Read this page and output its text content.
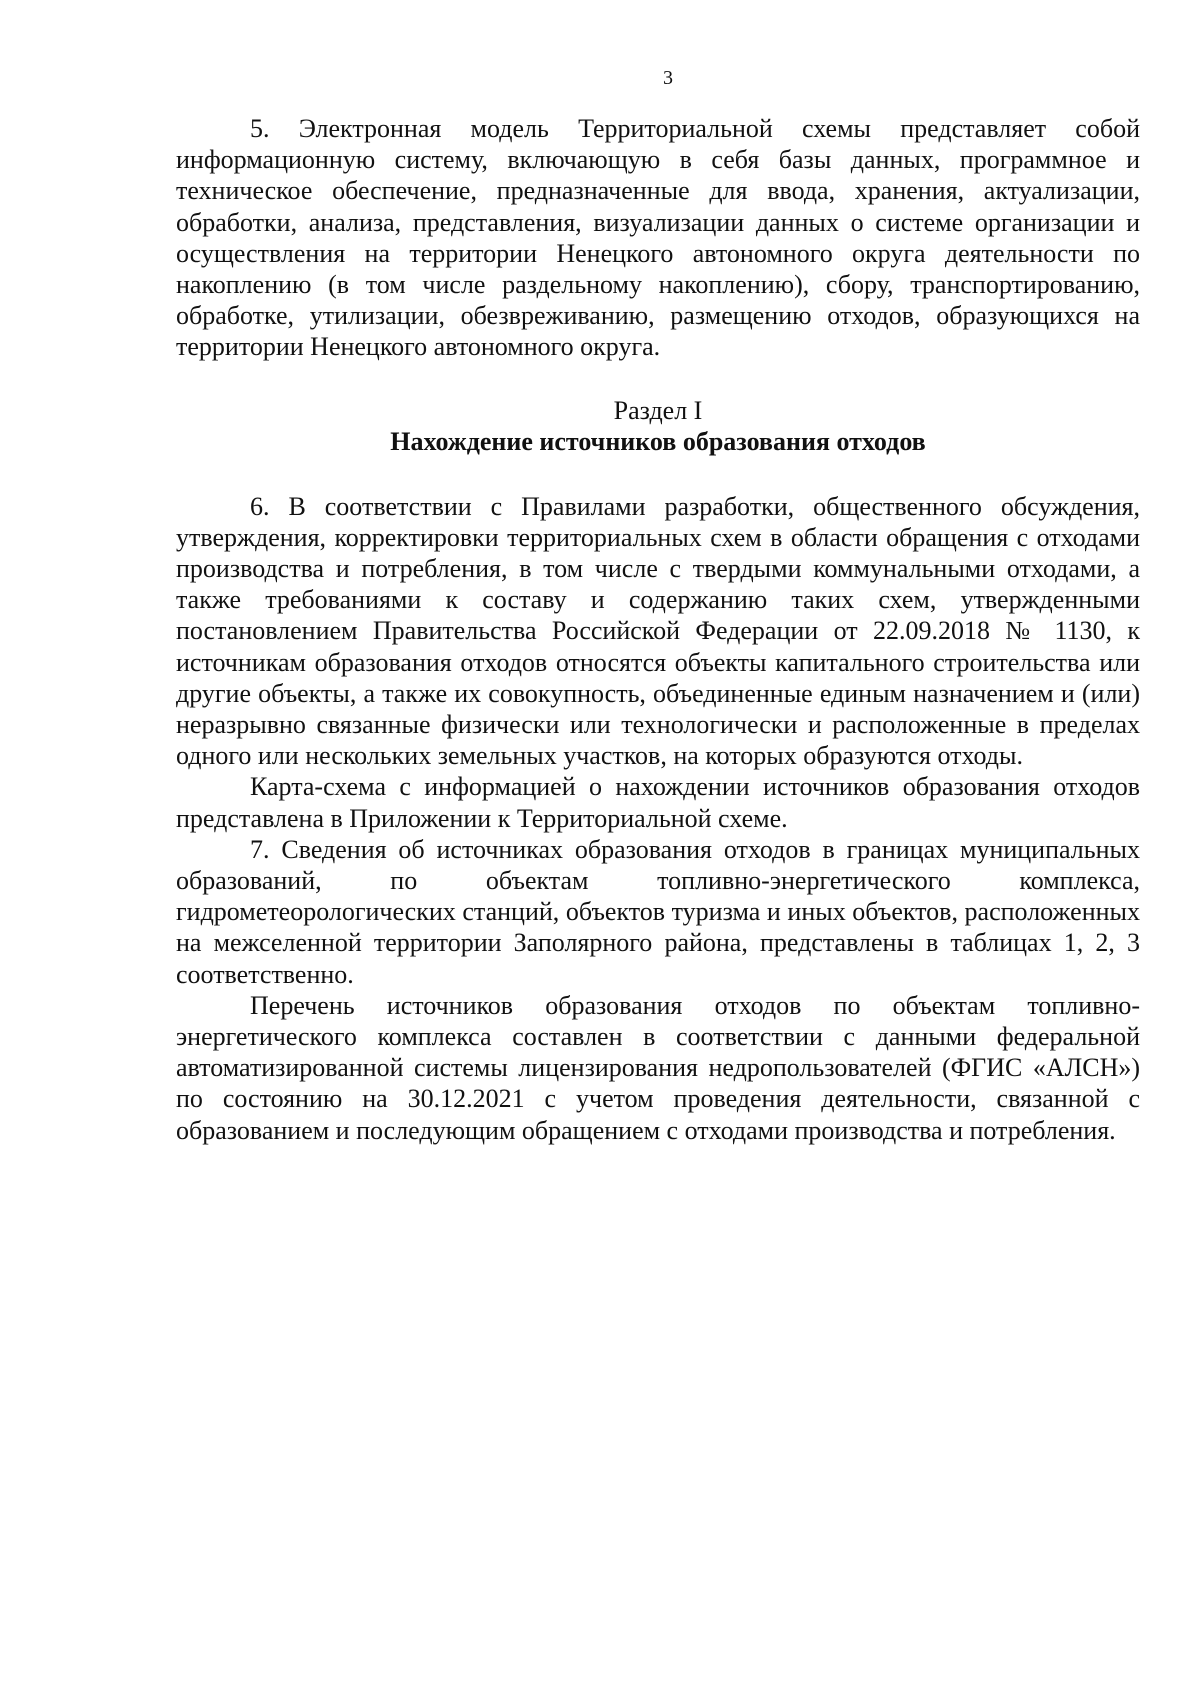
3

5. Электронная модель Территориальной схемы представляет собой информационную систему, включающую в себя базы данных, программное и техническое обеспечение, предназначенные для ввода, хранения, актуализации, обработки, анализа, представления, визуализации данных о системе организации и осуществления на территории Ненецкого автономного округа деятельности по накоплению (в том числе раздельному накоплению), сбору, транспортированию, обработке, утилизации, обезвреживанию, размещению отходов, образующихся на территории Ненецкого автономного округа.

Раздел I
Нахождение источников образования отходов

6. В соответствии с Правилами разработки, общественного обсуждения, утверждения, корректировки территориальных схем в области обращения с отходами производства и потребления, в том числе с твердыми коммунальными отходами, а также требованиями к составу и содержанию таких схем, утвержденными постановлением Правительства Российской Федерации от 22.09.2018 № 1130, к источникам образования отходов относятся объекты капитального строительства или другие объекты, а также их совокупность, объединенные единым назначением и (или) неразрывно связанные физически или технологически и расположенные в пределах одного или нескольких земельных участков, на которых образуются отходы.

Карта-схема с информацией о нахождении источников образования отходов представлена в Приложении к Территориальной схеме.

7. Сведения об источниках образования отходов в границах муниципальных образований, по объектам топливно-энергетического комплекса, гидрометеорологических станций, объектов туризма и иных объектов, расположенных на межселенной территории Заполярного района, представлены в таблицах 1, 2, 3 соответственно.

Перечень источников образования отходов по объектам топливно-энергетического комплекса составлен в соответствии с данными федеральной автоматизированной системы лицензирования недропользователей (ФГИС «АЛСН») по состоянию на 30.12.2021 с учетом проведения деятельности, связанной с образованием и последующим обращением с отходами производства и потребления.
